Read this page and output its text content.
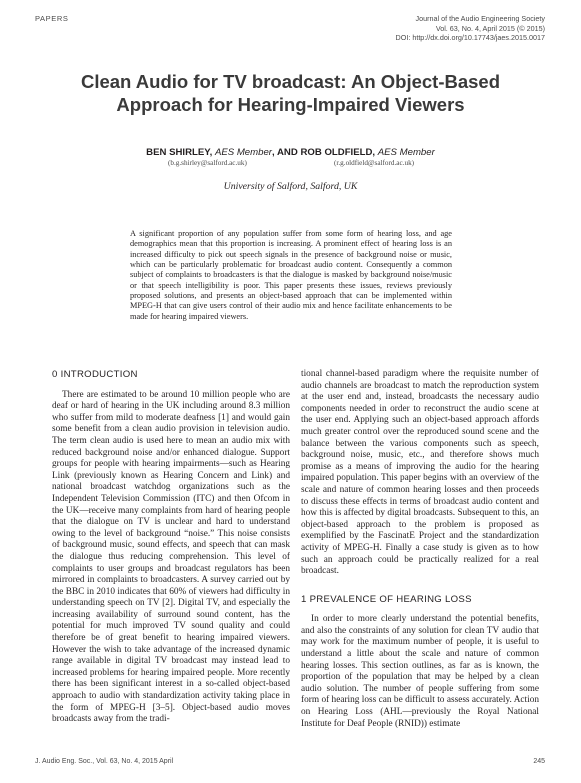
PAPERS	Journal of the Audio Engineering Society
Vol. 63, No. 4, April 2015 (© 2015)
DOI: http://dx.doi.org/10.17743/jaes.2015.0017
Clean Audio for TV broadcast: An Object-Based
Approach for Hearing-Impaired Viewers
BEN SHIRLEY, AES Member, AND ROB OLDFIELD, AES Member
(b.g.shirley@salford.ac.uk)	(r.g.oldfield@salford.ac.uk)
University of Salford, Salford, UK
A significant proportion of any population suffer from some form of hearing loss, and age demographics mean that this proportion is increasing. A prominent effect of hearing loss is an increased difficulty to pick out speech signals in the presence of background noise or music, which can be particularly problematic for broadcast audio content. Consequently a common subject of complaints to broadcasters is that the dialogue is masked by background noise/music or that speech intelligibility is poor. This paper presents these issues, reviews previously proposed solutions, and presents an object-based approach that can be implemented within MPEG-H that can give users control of their audio mix and hence facilitate enhancements to be made for hearing impaired viewers.
0 INTRODUCTION

There are estimated to be around 10 million people who are deaf or hard of hearing in the UK including around 8.3 million who suffer from mild to moderate deafness [1] and would gain some benefit from a clean audio provision in television audio. The term clean audio is used here to mean an audio mix with reduced background noise and/or enhanced dialogue. Support groups for people with hearing impairments—such as Hearing Link (previously known as Hearing Concern and Link) and national broadcast watchdog organizations such as the Independent Television Commission (ITC) and then Ofcom in the UK—receive many complaints from hard of hearing people that the dialogue on TV is unclear and hard to understand owing to the level of background “noise.” This noise consists of background music, sound effects, and speech that can mask the dialogue thus reducing comprehension. This level of complaints to user groups and broadcast regulators has been mirrored in complaints to broadcasters. A survey carried out by the BBC in 2010 indicates that 60% of viewers had difficulty in understanding speech on TV [2]. Digital TV, and especially the increasing availability of surround sound content, has the potential for much improved TV sound quality and could therefore be of great benefit to hearing impaired viewers. However the wish to take advantage of the increased dynamic range available in digital TV broadcast may instead lead to increased problems for hearing impaired people. More recently there has been significant interest in a so-called object-based approach to audio with standardization activity taking place in the form of MPEG-H [3–5]. Object-based audio moves broadcasts away from the tradi-

tional channel-based paradigm where the requisite number of audio channels are broadcast to match the reproduction system at the user end and, instead, broadcasts the necessary audio components needed in order to reconstruct the audio scene at the user end. Applying such an object-based approach affords much greater control over the reproduced sound scene and the balance between the various components such as speech, background noise, music, etc., and therefore shows much promise as a means of improving the audio for the hearing impaired population. This paper begins with an overview of the scale and nature of common hearing losses and then proceeds to discuss these effects in terms of broadcast audio content and how this is affected by digital broadcasts. Subsequent to this, an object-based approach to the problem is proposed as exemplified by the FascinatE Project and the standardization activity of MPEG-H. Finally a case study is given as to how such an approach could be practically realized for a real broadcast.

1 PREVALENCE OF HEARING LOSS

In order to more clearly understand the potential benefits, and also the constraints of any solution for clean TV audio that may work for the maximum number of people, it is useful to understand a little about the scale and nature of common hearing losses. This section outlines, as far as is known, the proportion of the population that may be helped by a clean audio solution. The number of people suffering from some form of hearing loss can be difficult to assess accurately. Action on Hearing Loss (AHL—previously the Royal National Institute for Deaf People (RNID)) estimate

J. Audio Eng. Soc., Vol. 63, No. 4, 2015 April	245
